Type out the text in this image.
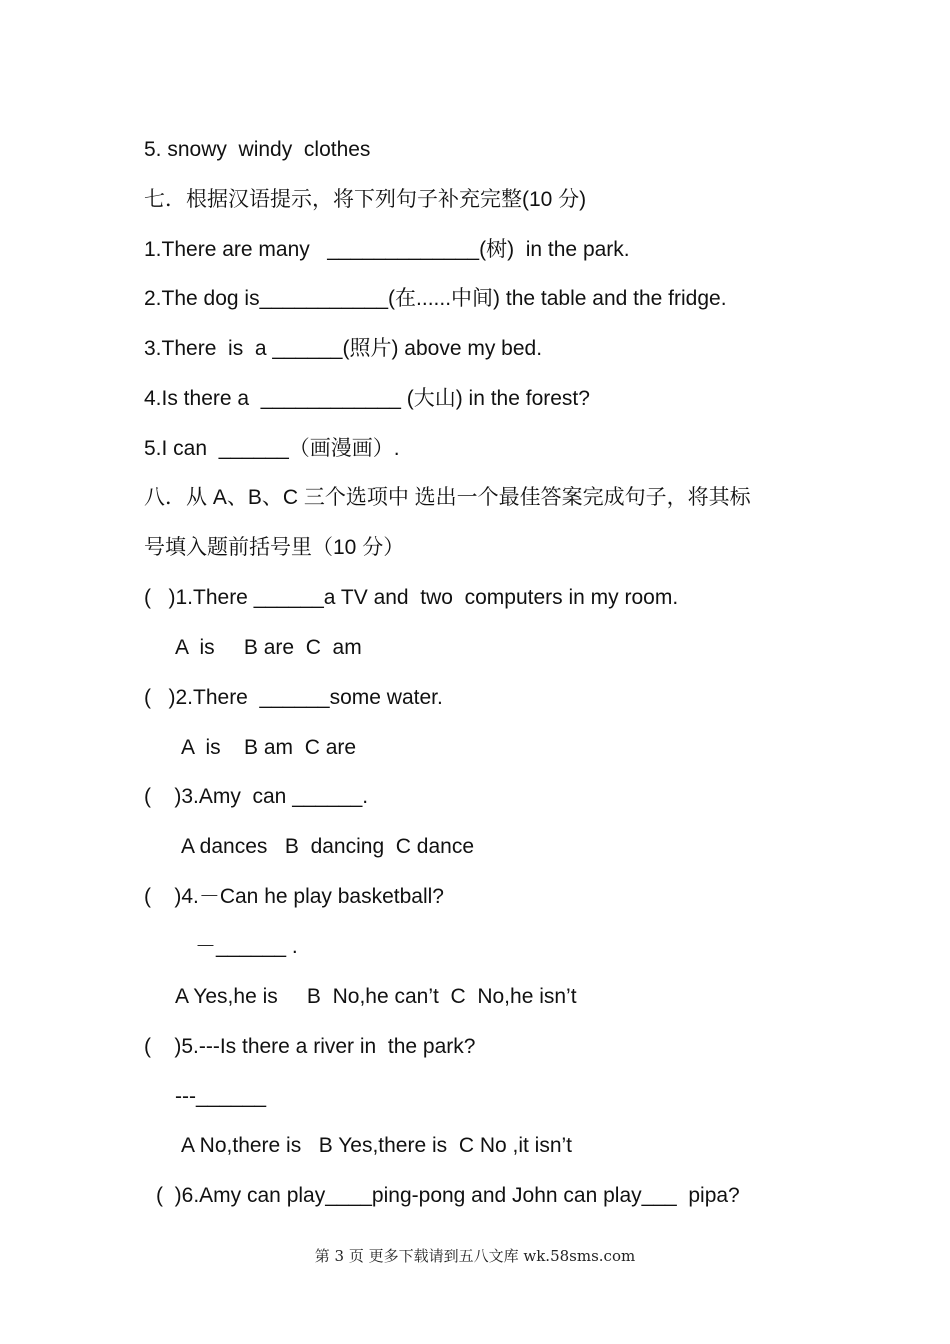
5. snowy  windy  clothes
七．根据汉语提示，将下列句子补充完整(10 分)
1.There are many   _____________(树)  in the park.
2.The dog is___________(在......中间) the table and the fridge.
3.There  is  a ______(照片) above my bed.
4.Is there a  ____________ (大山) in the forest?
5.I can  ______（画漫画）.
八．从 A、B、C 三个选项中 选出一个最佳答案完成句子，将其标
号填入题前括号里（10 分）
(   )1.There ______a TV and  two  computers in my room.
A  is     B are  C  am
(   )2.There  ______some water.
A  is    B am  C are
(    )3.Amy  can ______.
A dances   B  dancing  C dance
(    )4.－Can he play basketball?
－______ .
A Yes,he is     B  No,he can’t  C  No,he isn’t
(    )5.---Is there a river in  the park?
---______
A No,there is   B Yes,there is  C No ,it isn’t
(  )6.Amy can play____ping-pong and John can play___  pipa?
第 3 页 更多下载请到五八文库 wk.58sms.com
